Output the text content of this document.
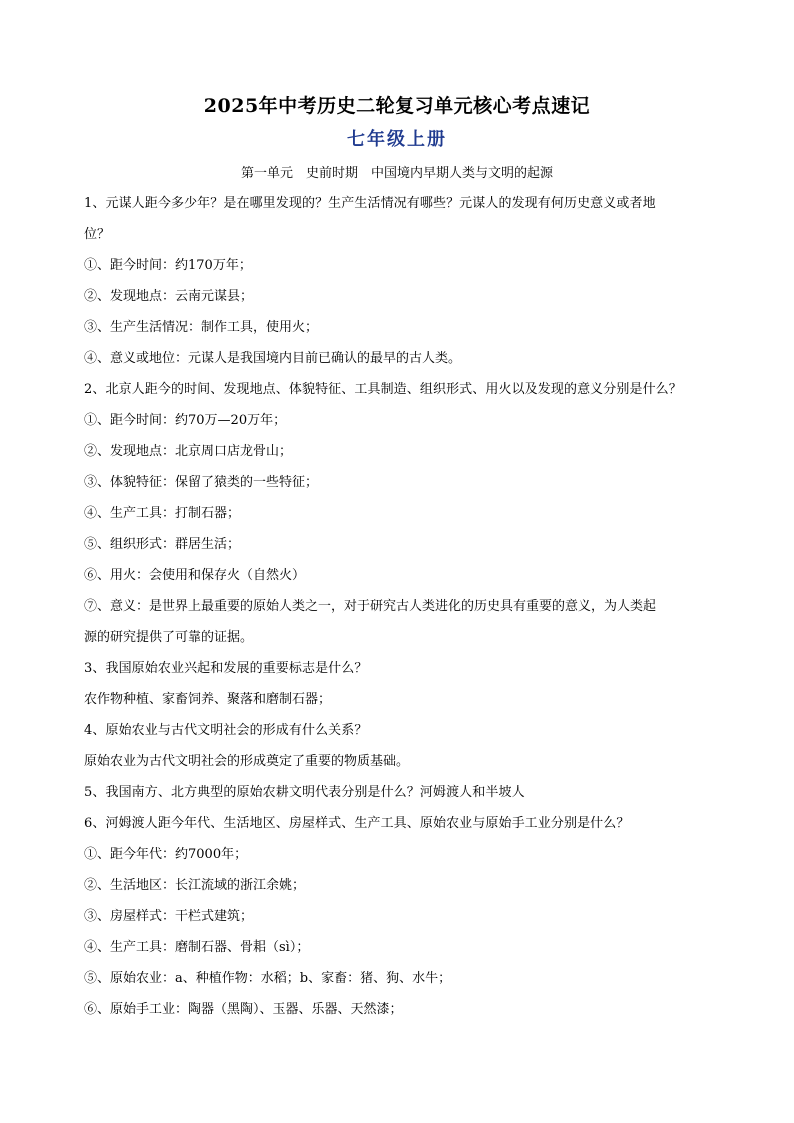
2025年中考历史二轮复习单元核心考点速记
七年级上册
第一单元　史前时期　中国境内早期人类与文明的起源

1、元谋人距今多少年？是在哪里发现的？生产生活情况有哪些？元谋人的发现有何历史意义或者地

位？

①、距今时间：约170万年；

②、发现地点：云南元谋县；

③、生产生活情况：制作工具，使用火；

④、意义或地位：元谋人是我国境内目前已确认的最早的古人类。

2、北京人距今的时间、发现地点、体貌特征、工具制造、组织形式、用火以及发现的意义分别是什么？

①、距今时间：约70万—20万年；

②、发现地点：北京周口店龙骨山；

③、体貌特征：保留了猿类的一些特征；

④、生产工具：打制石器；

⑤、组织形式：群居生活；

⑥、用火：会使用和保存火（自然火）

⑦、意义：是世界上最重要的原始人类之一，对于研究古人类进化的历史具有重要的意义，为人类起

源的研究提供了可靠的证据。

3、我国原始农业兴起和发展的重要标志是什么？

农作物种植、家畜饲养、聚落和磨制石器；

4、原始农业与古代文明社会的形成有什么关系？

原始农业为古代文明社会的形成奠定了重要的物质基础。

5、我国南方、北方典型的原始农耕文明代表分别是什么？河姆渡人和半坡人

6、河姆渡人距今年代、生活地区、房屋样式、生产工具、原始农业与原始手工业分别是什么？

①、距今年代：约7000年；

②、生活地区：长江流域的浙江余姚；

③、房屋样式：干栏式建筑；

④、生产工具：磨制石器、骨耜（sì）；

⑤、原始农业：a、种植作物：水稻；b、家畜：猪、狗、水牛；

⑥、原始手工业：陶器（黑陶）、玉器、乐器、天然漆；
